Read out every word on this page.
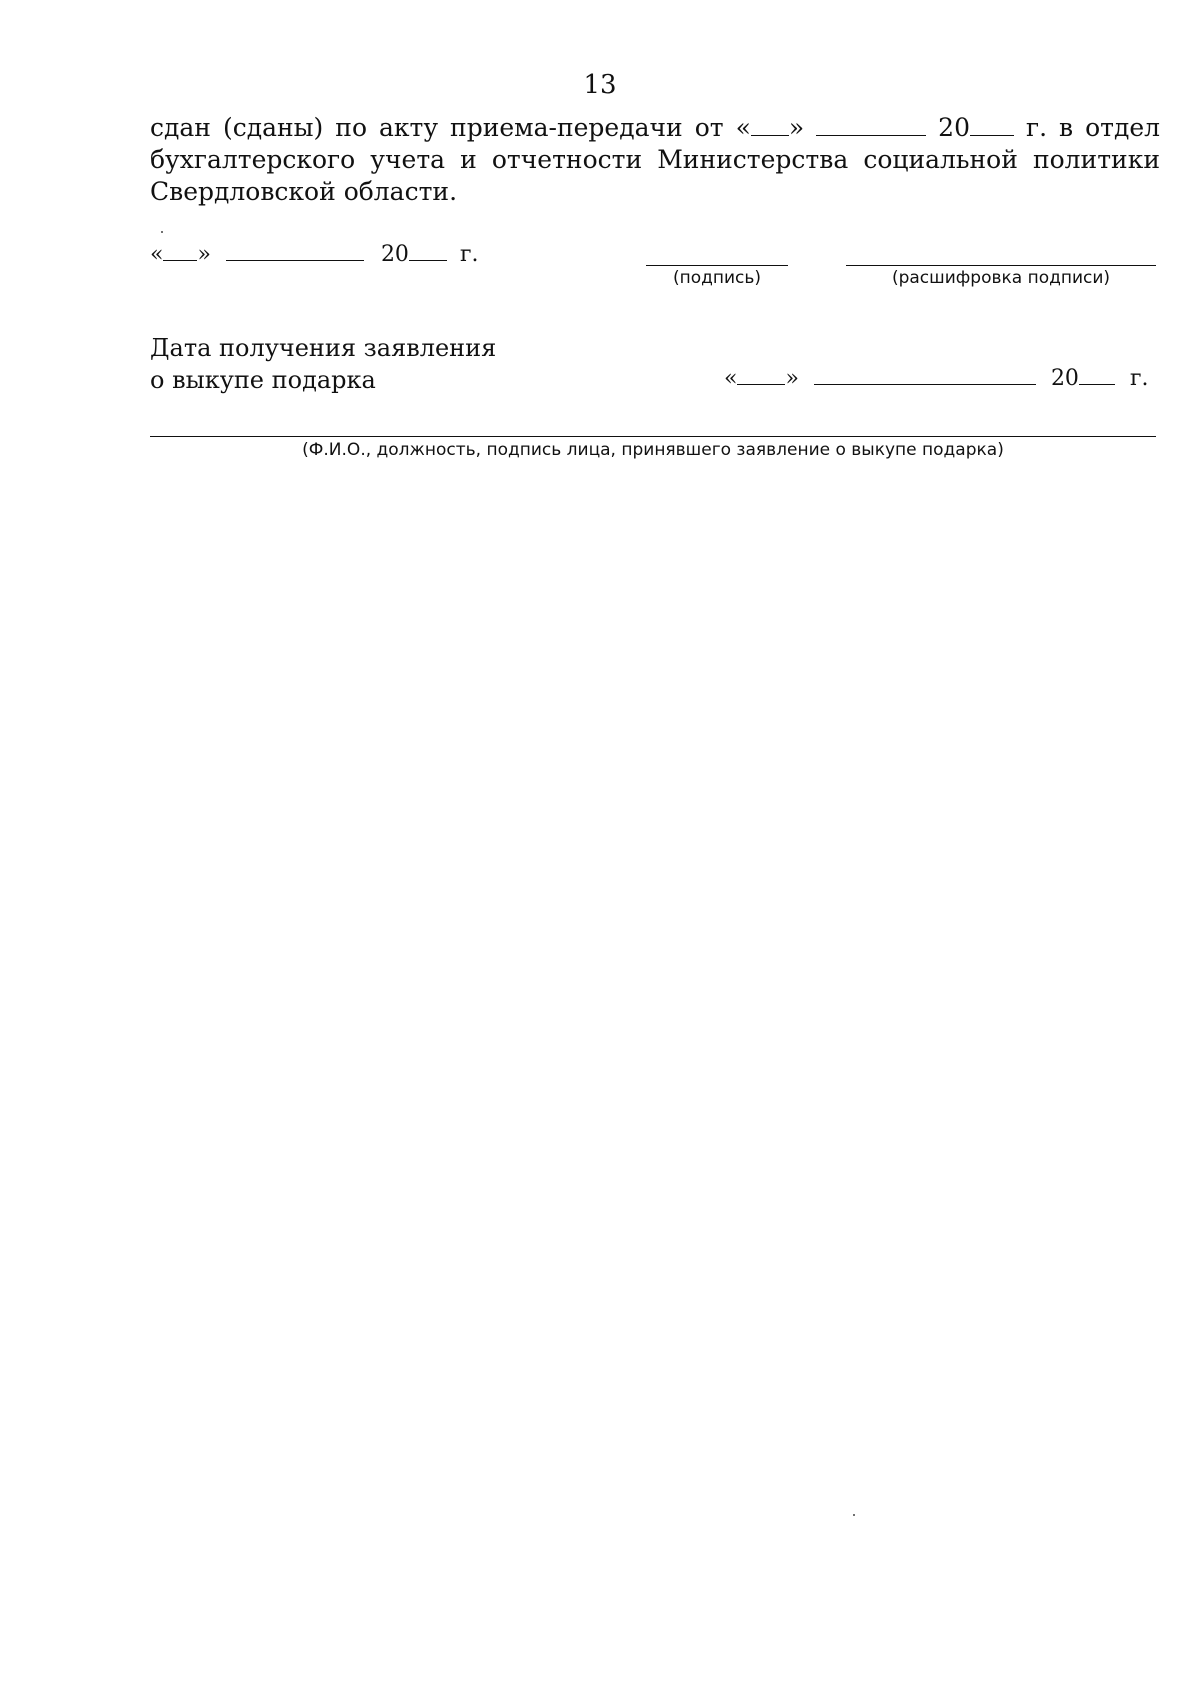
13
сдан (сданы) по акту приема-передачи от « »	20 г. в отдел
бухгалтерского учета и отчетности Министерства социальной политики
Свердловской области.
« »	20 г.
(подпись)	(расшифровка подписи)
Дата получения заявления
о выкупе подарка	« »	20 г.
(Ф.И.О., должность, подпись лица, принявшего заявление о выкупе подарка)
